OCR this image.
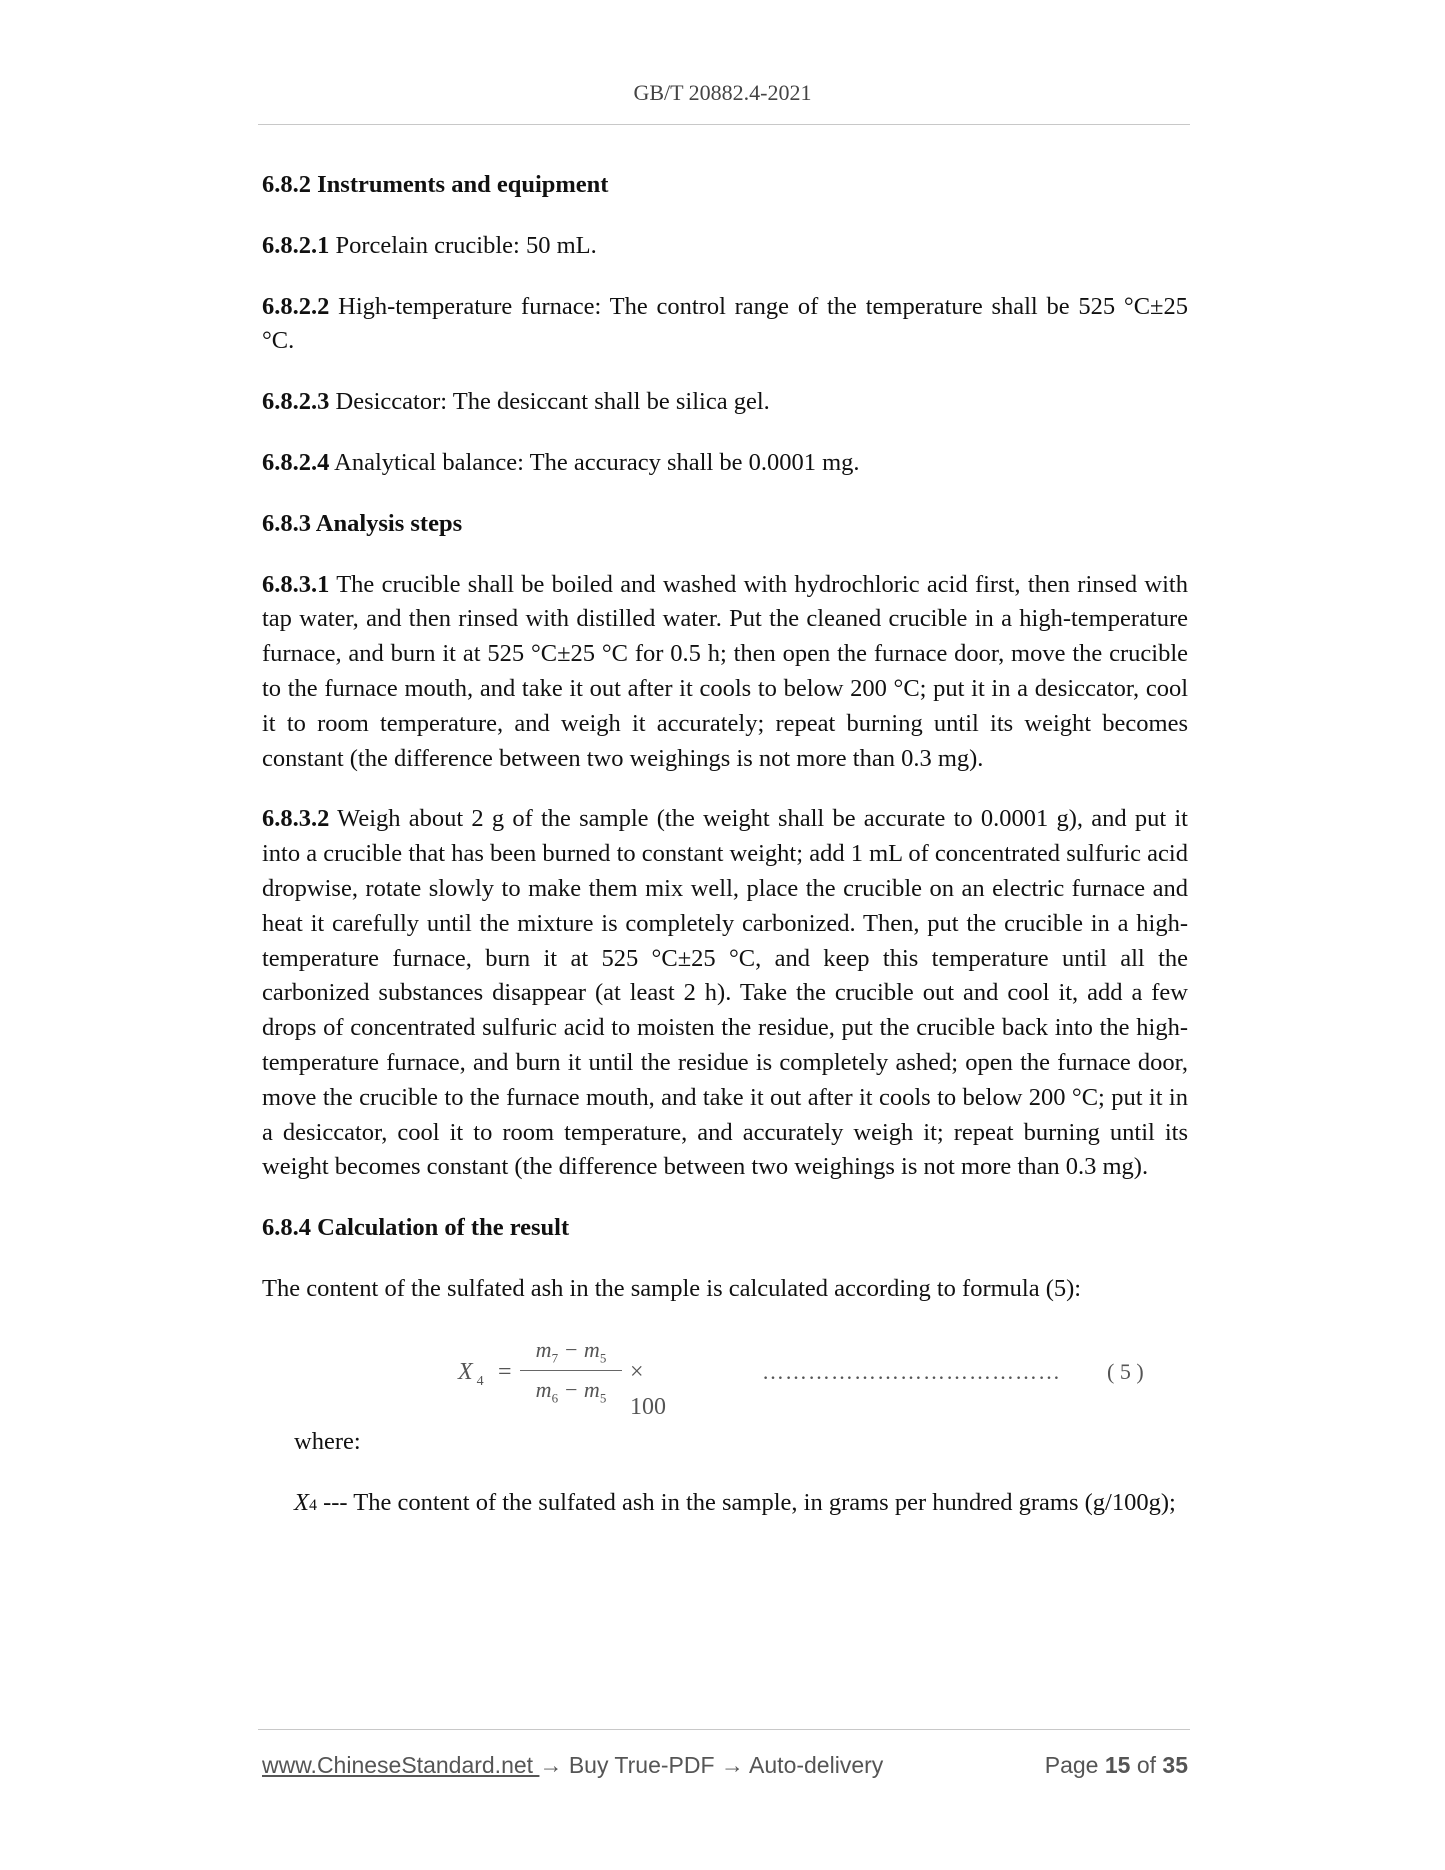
GB/T 20882.4-2021
6.8.2 Instruments and equipment

6.8.2.1 Porcelain crucible: 50 mL.

6.8.2.2 High-temperature furnace: The control range of the temperature shall be 525 °C±25 °C.

6.8.2.3 Desiccator: The desiccant shall be silica gel.

6.8.2.4 Analytical balance: The accuracy shall be 0.0001 mg.

6.8.3 Analysis steps

6.8.3.1 The crucible shall be boiled and washed with hydrochloric acid first, then rinsed with tap water, and then rinsed with distilled water. Put the cleaned crucible in a high-temperature furnace, and burn it at 525 °C±25 °C for 0.5 h; then open the furnace door, move the crucible to the furnace mouth, and take it out after it cools to below 200 °C; put it in a desiccator, cool it to room temperature, and weigh it accurately; repeat burning until its weight becomes constant (the difference between two weighings is not more than 0.3 mg).

6.8.3.2 Weigh about 2 g of the sample (the weight shall be accurate to 0.0001 g), and put it into a crucible that has been burned to constant weight; add 1 mL of concentrated sulfuric acid dropwise, rotate slowly to make them mix well, place the crucible on an electric furnace and heat it carefully until the mixture is completely carbonized. Then, put the crucible in a high-temperature furnace, burn it at 525 °C±25 °C, and keep this temperature until all the carbonized substances disappear (at least 2 h). Take the crucible out and cool it, add a few drops of concentrated sulfuric acid to moisten the residue, put the crucible back into the high-temperature furnace, and burn it until the residue is completely ashed; open the furnace door, move the crucible to the furnace mouth, and take it out after it cools to below 200 °C; put it in a desiccator, cool it to room temperature, and accurately weigh it; repeat burning until its weight becomes constant (the difference between two weighings is not more than 0.3 mg).

6.8.4 Calculation of the result

The content of the sulfated ash in the sample is calculated according to formula (5):

X $_4$ =
$m_7 - m_5$
$m_6 - m_5$
× 100
………………………………… ( 5 )

where:

X4 --- The content of the sulfated ash in the sample, in grams per hundred grams (g/100g);

www.ChineseStandard.net → Buy True-PDF → Auto-delivery	Page 15 of 35
